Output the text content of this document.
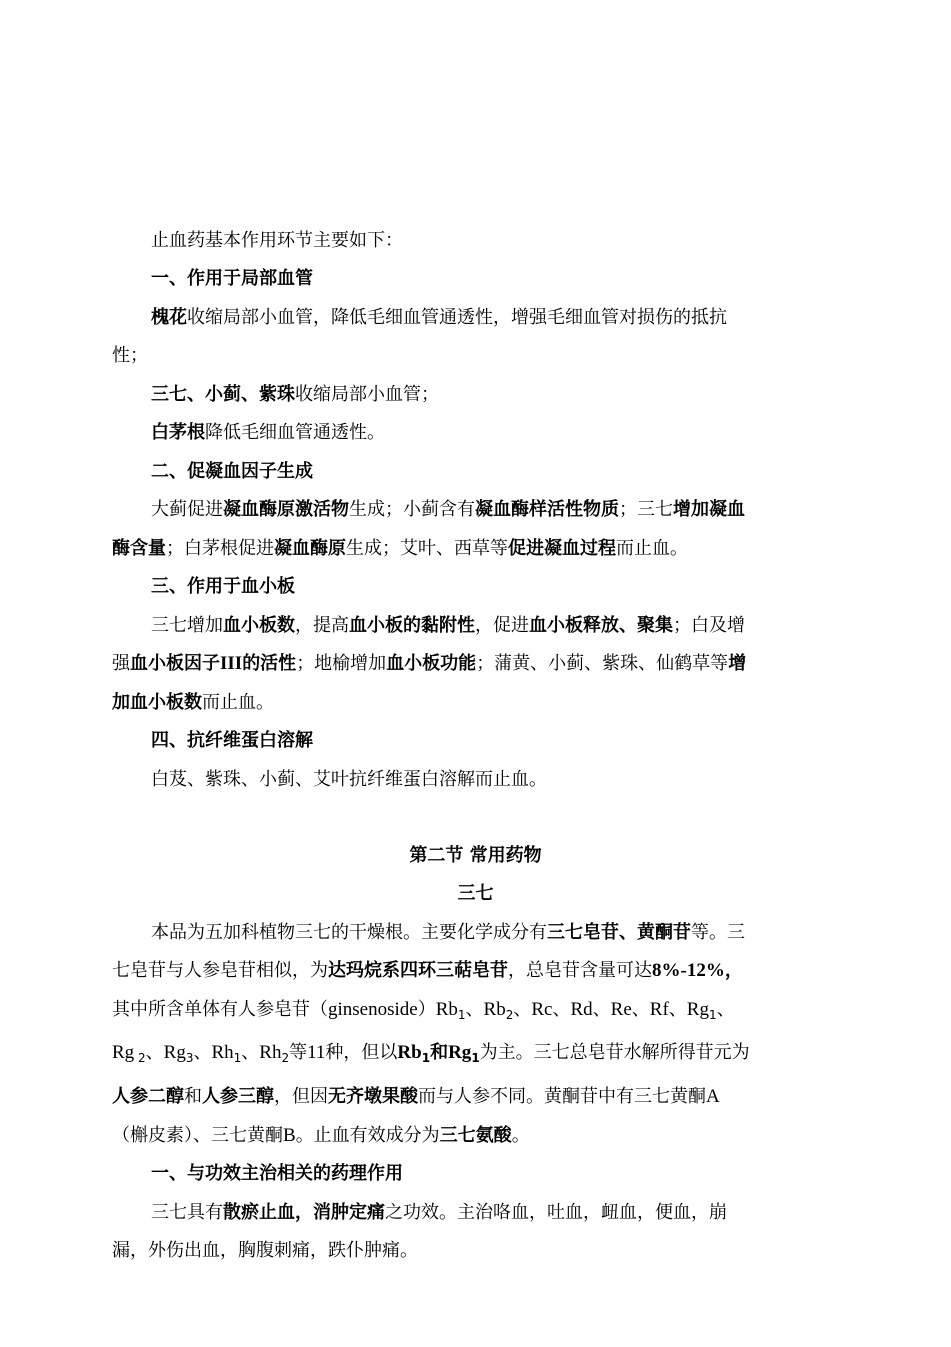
止血药基本作用环节主要如下：
一、作用于局部血管
槐花收缩局部小血管，降低毛细血管通透性，增强毛细血管对损伤的抵抗
性；
三七、小蓟、紫珠收缩局部小血管；
白茅根降低毛细血管通透性。
二、促凝血因子生成
大蓟促进凝血酶原激活物生成；小蓟含有凝血酶样活性物质；三七增加凝血
酶含量；白茅根促进凝血酶原生成；艾叶、西草等促进凝血过程而止血。
三、作用于血小板
三七增加血小板数，提高血小板的黏附性，促进血小板释放、聚集；白及增
强血小板因子III的活性；地榆增加血小板功能；蒲黄、小蓟、紫珠、仙鹤草等增
加血小板数而止血。
四、抗纤维蛋白溶解
白芨、紫珠、小蓟、艾叶抗纤维蛋白溶解而止血。
第二节 常用药物
三七
本品为五加科植物三七的干燥根。主要化学成分有三七皂苷、黄酮苷等。三
七皂苷与人参皂苷相似，为达玛烷系四环三萜皂苷，总皂苷含量可达8%-12%，
其中所含单体有人参皂苷$(ginsenoside)Rb_1$、$Rb_2$、Rc、Rd、Re、Rf、$Rg_1$、
Rg $_2$、$Rg_3$、$Rh_1$、$Rh_2$等11种，但以$Rb_1$和$Rg_1$为主。三七总皂苷水解所得苷元为
人参二醇和人参三醇，但因无齐墩果酸而与人参不同。黄酮苷中有三七黄酮A
（槲皮素）、三七黄酮B。止血有效成分为三七氨酸。
一、与功效主治相关的药理作用
三七具有散瘀止血，消肿定痛之功效。主治咯血，吐血，衄血，便血，崩
漏，外伤出血，胸腹刺痛，跌仆肿痛。
